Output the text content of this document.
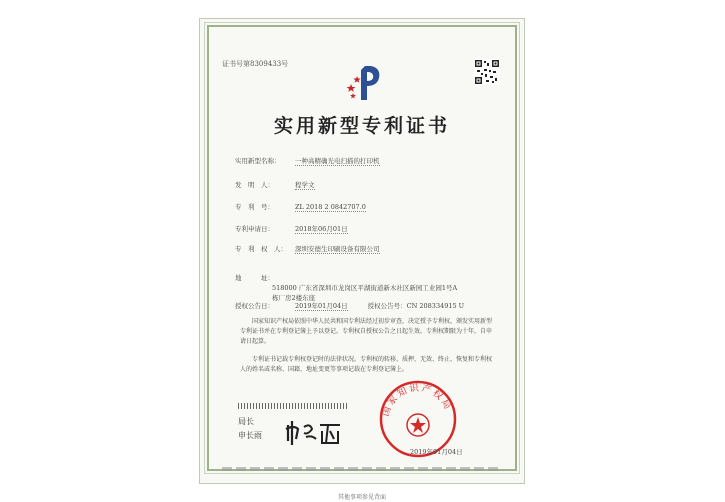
证书号第8309433号
实用新型专利证书
实用新型名称： 一种高精确光电扫描的打印机
发　明　人：	程学文
专　利　号：	ZL 2018 2 0842707.0
专利申请日：	2018年06月01日
专　利　权　人： 深圳安德生印刷设备有限公司
地　　　址：
518000 广东省深圳市龙岗区平湖街道新木社区新园工业园1号A栋厂房2楼东座
授权公告日：	2019年01月04日	授权公告号：CN 208334915 U
国家知识产权局依照中华人民共和国专利法经过初步审查，决定授予专利权，颁发实用新型专利证书并在专利登记簿上予以登记。专利权自授权公告之日起生效。专利权期限为十年，自申请日起算。
专利证书记载专利权登记时的法律状况。专利权的转移、质押、无效、终止、恢复和专利权人的姓名或名称、国籍、地址变更等事项记载在专利登记簿上。
局长
申长雨
国家知识产权局
2019年01月04日
其他事项参见背面
